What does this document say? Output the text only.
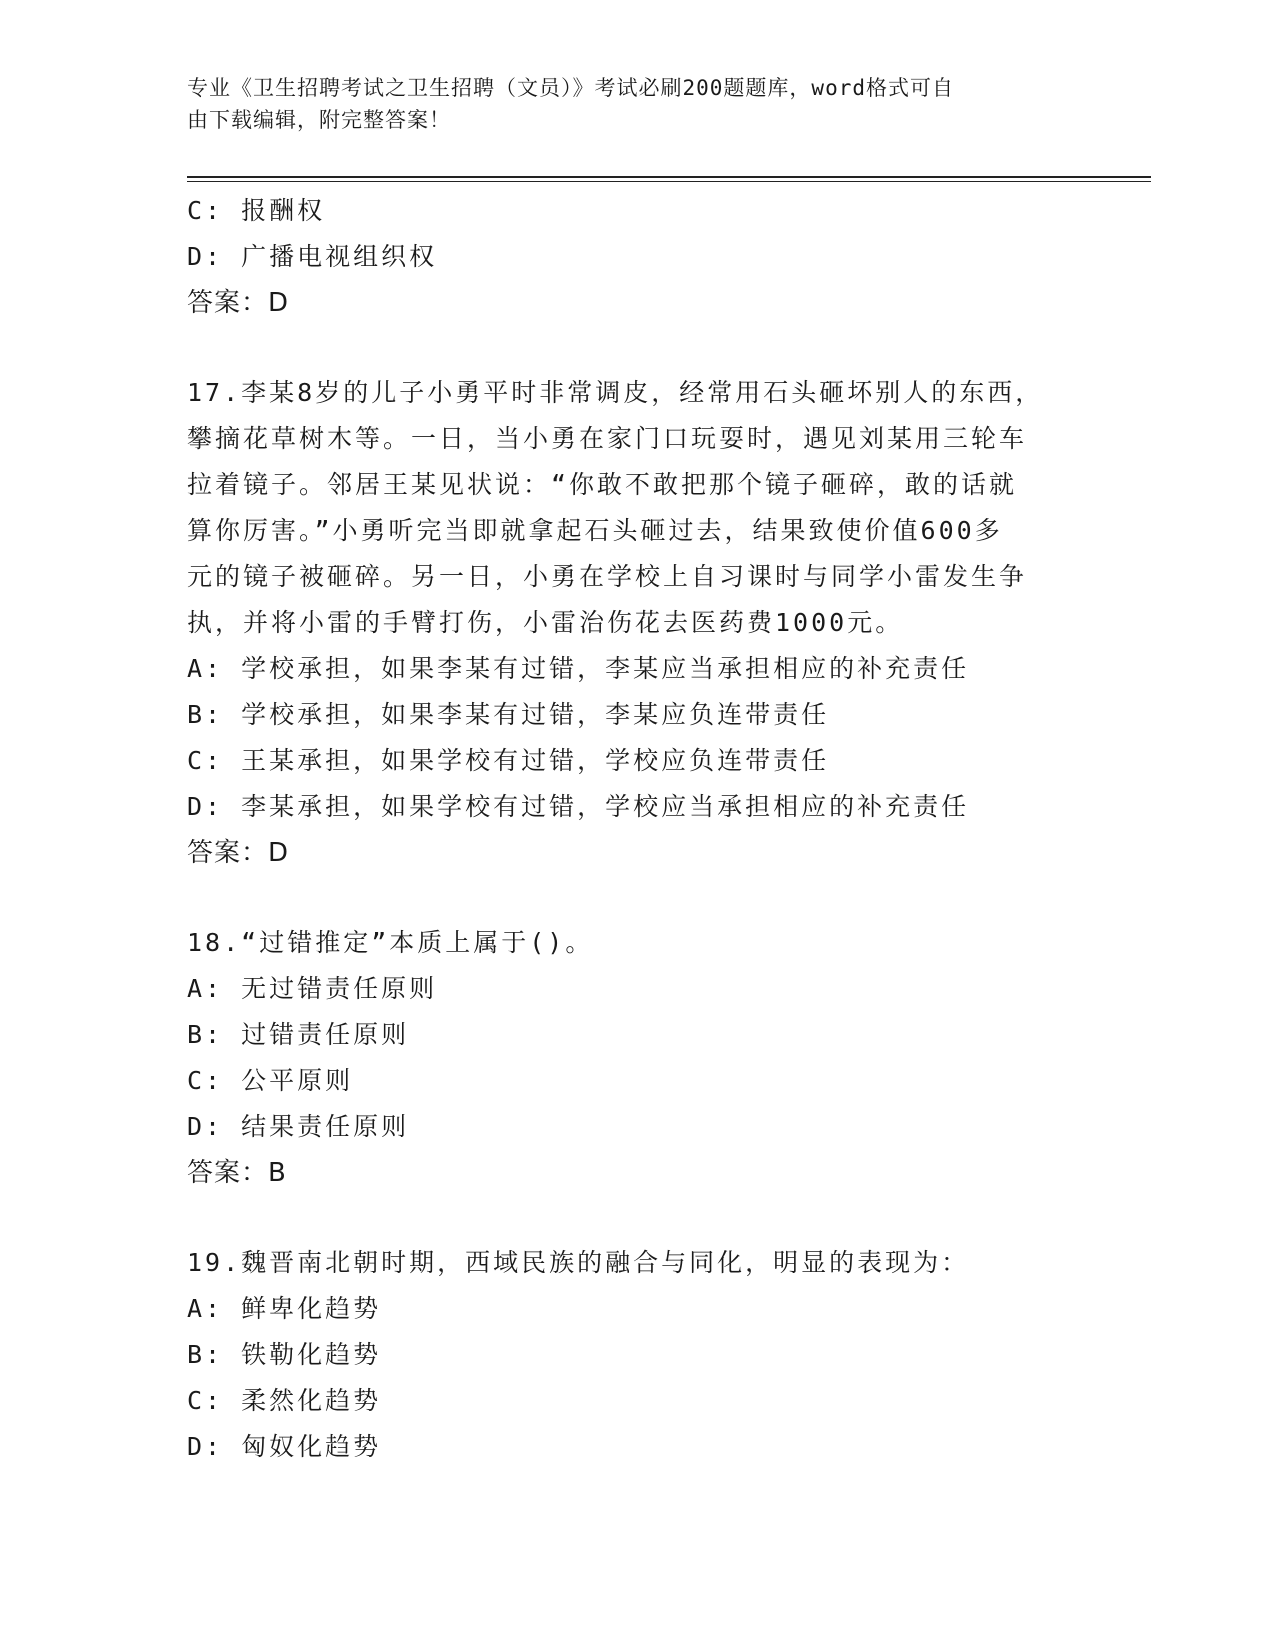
专业《卫生招聘考试之卫生招聘（文员）》考试必刷200题题库，word格式可自
由下载编辑，附完整答案！
C: 报酬权
D: 广播电视组织权
答案：D
17.李某8岁的儿子小勇平时非常调皮，经常用石头砸坏别人的东西，
攀摘花草树木等。一日，当小勇在家门口玩耍时，遇见刘某用三轮车
拉着镜子。邻居王某见状说：“你敢不敢把那个镜子砸碎，敢的话就
算你厉害。”小勇听完当即就拿起石头砸过去，结果致使价值600多
元的镜子被砸碎。另一日，小勇在学校上自习课时与同学小雷发生争
执，并将小雷的手臂打伤，小雷治伤花去医药费1000元。
A: 学校承担，如果李某有过错，李某应当承担相应的补充责任
B: 学校承担，如果李某有过错，李某应负连带责任
C: 王某承担，如果学校有过错，学校应负连带责任
D: 李某承担，如果学校有过错，学校应当承担相应的补充责任
答案：D
18.“过错推定”本质上属于()。
A: 无过错责任原则
B: 过错责任原则
C: 公平原则
D: 结果责任原则
答案：B
19.魏晋南北朝时期，西域民族的融合与同化，明显的表现为：
A: 鲜卑化趋势
B: 铁勒化趋势
C: 柔然化趋势
D: 匈奴化趋势
